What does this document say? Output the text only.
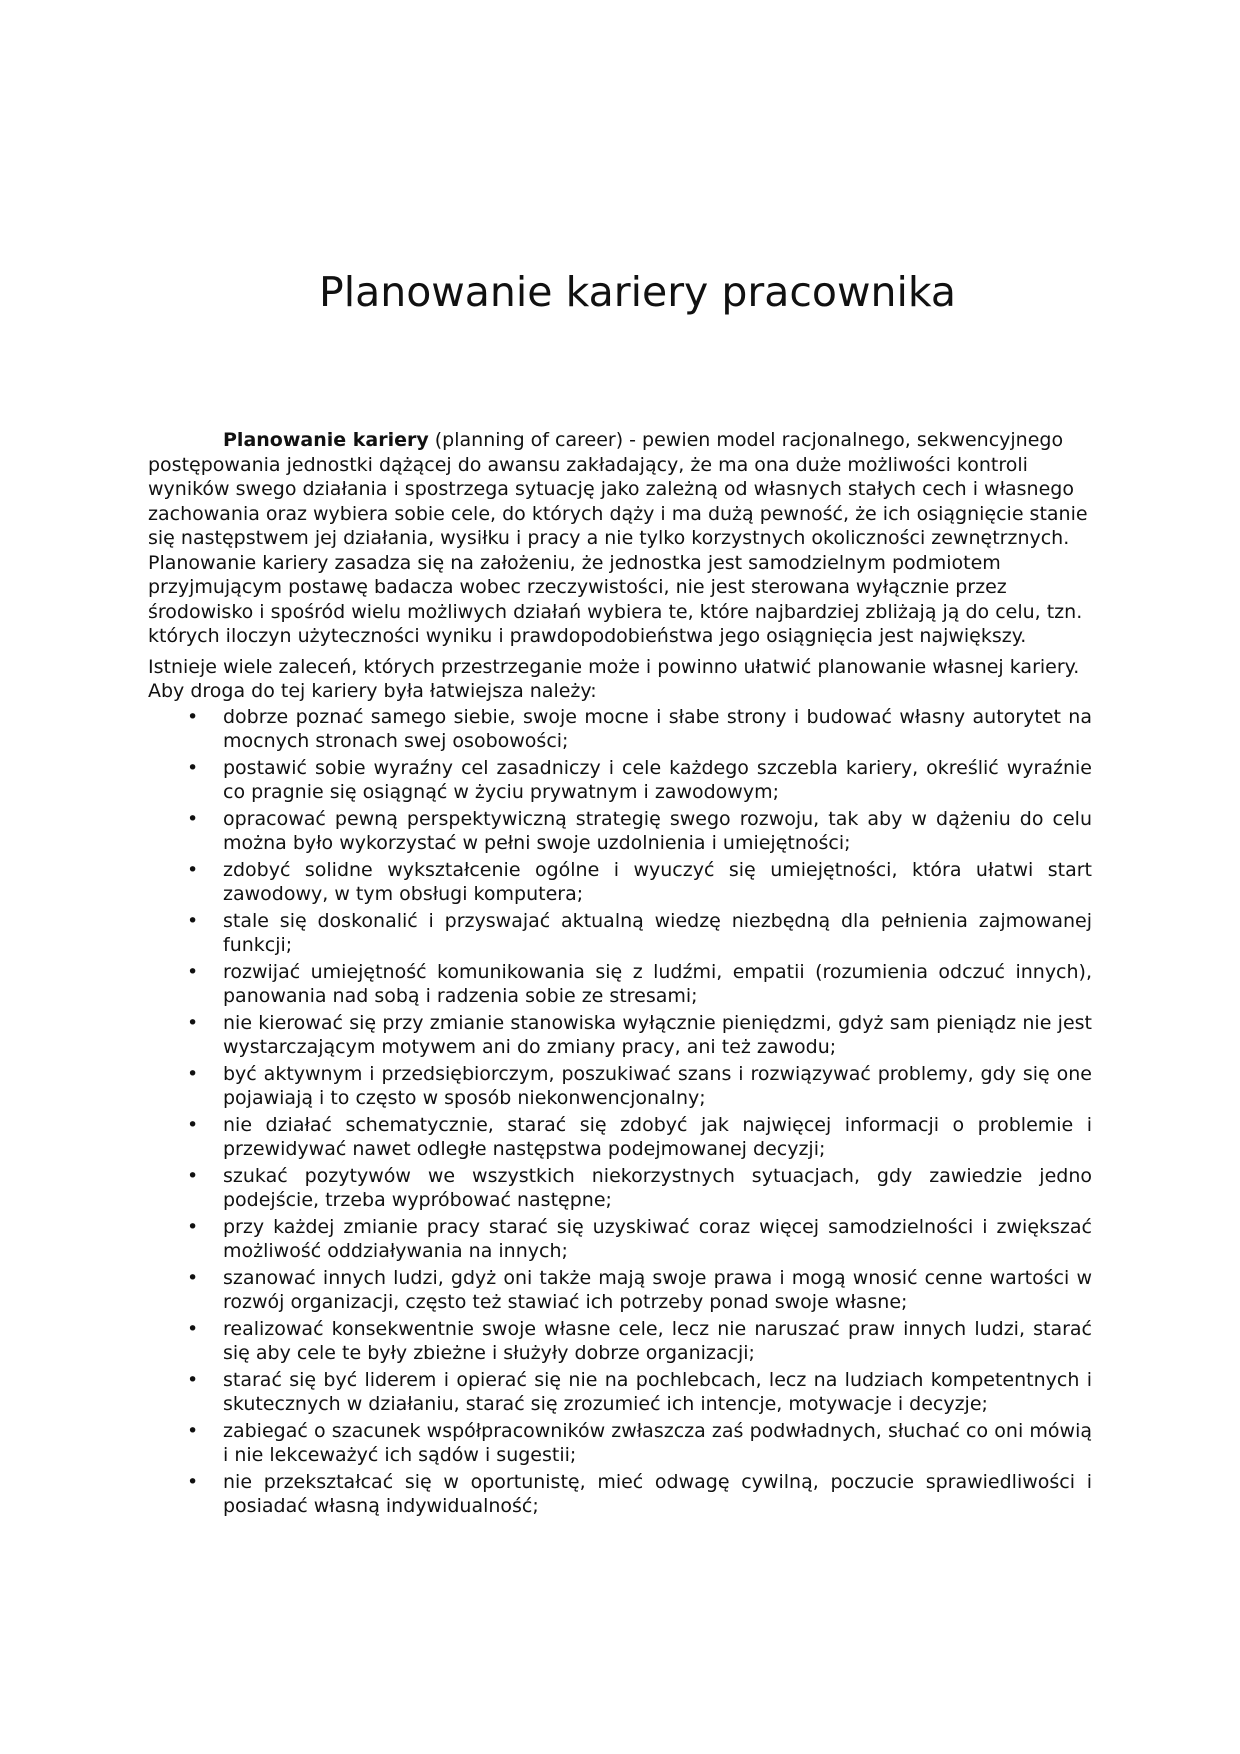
Planowanie kariery pracownika

Planowanie kariery (planning of career) - pewien model racjonalnego, sekwencyjnego postępowania jednostki dążącej do awansu zakładający, że ma ona duże możliwości kontroli wyników swego działania i spostrzega sytuację jako zależną od własnych stałych cech i własnego zachowania oraz wybiera sobie cele, do których dąży i ma dużą pewność, że ich osiągnięcie stanie się następstwem jej działania, wysiłku i pracy a nie tylko korzystnych okoliczności zewnętrznych. Planowanie kariery zasadza się na założeniu, że jednostka jest samodzielnym podmiotem przyjmującym postawę badacza wobec rzeczywistości, nie jest sterowana wyłącznie przez środowisko i spośród wielu możliwych działań wybiera te, które najbardziej zbliżają ją do celu, tzn. których iloczyn użyteczności wyniku i prawdopodobieństwa jego osiągnięcia jest największy.

Istnieje wiele zaleceń, których przestrzeganie może i powinno ułatwić planowanie własnej kariery. Aby droga do tej kariery była łatwiejsza należy:

• dobrze poznać samego siebie, swoje mocne i słabe strony i budować własny autorytet na mocnych stronach swej osobowości;
• postawić sobie wyraźny cel zasadniczy i cele każdego szczebla kariery, określić wyraźnie co pragnie się osiągnąć w życiu prywatnym i zawodowym;
• opracować pewną perspektywiczną strategię swego rozwoju, tak aby w dążeniu do celu można było wykorzystać w pełni swoje uzdolnienia i umiejętności;
• zdobyć solidne wykształcenie ogólne i wyuczyć się umiejętności, która ułatwi start zawodowy, w tym obsługi komputera;
• stale się doskonalić i przyswajać aktualną wiedzę niezbędną dla pełnienia zajmowanej funkcji;
• rozwijać umiejętność komunikowania się z ludźmi, empatii (rozumienia odczuć innych), panowania nad sobą i radzenia sobie ze stresami;
• nie kierować się przy zmianie stanowiska wyłącznie pieniędzmi, gdyż sam pieniądz nie jest wystarczającym motywem ani do zmiany pracy, ani też zawodu;
• być aktywnym i przedsiębiorczym, poszukiwać szans i rozwiązywać problemy, gdy się one pojawiają i to często w sposób niekonwencjonalny;
• nie działać schematycznie, starać się zdobyć jak najwięcej informacji o problemie i przewidywać nawet odległe następstwa podejmowanej decyzji;
• szukać pozytywów we wszystkich niekorzystnych sytuacjach, gdy zawiedzie jedno podejście, trzeba wypróbować następne;
• przy każdej zmianie pracy starać się uzyskiwać coraz więcej samodzielności i zwiększać możliwość oddziaływania na innych;
• szanować innych ludzi, gdyż oni także mają swoje prawa i mogą wnosić cenne wartości w rozwój organizacji, często też stawiać ich potrzeby ponad swoje własne;
• realizować konsekwentnie swoje własne cele, lecz nie naruszać praw innych ludzi, starać się aby cele te były zbieżne i służyły dobrze organizacji;
• starać się być liderem i opierać się nie na pochlebcach, lecz na ludziach kompetentnych i skutecznych w działaniu, starać się zrozumieć ich intencje, motywacje i decyzje;
• zabiegać o szacunek współpracowników zwłaszcza zaś podwładnych, słuchać co oni mówią i nie lekceważyć ich sądów i sugestii;
• nie przekształcać się w oportunistę, mieć odwagę cywilną, poczucie sprawiedliwości i posiadać własną indywidualność;
